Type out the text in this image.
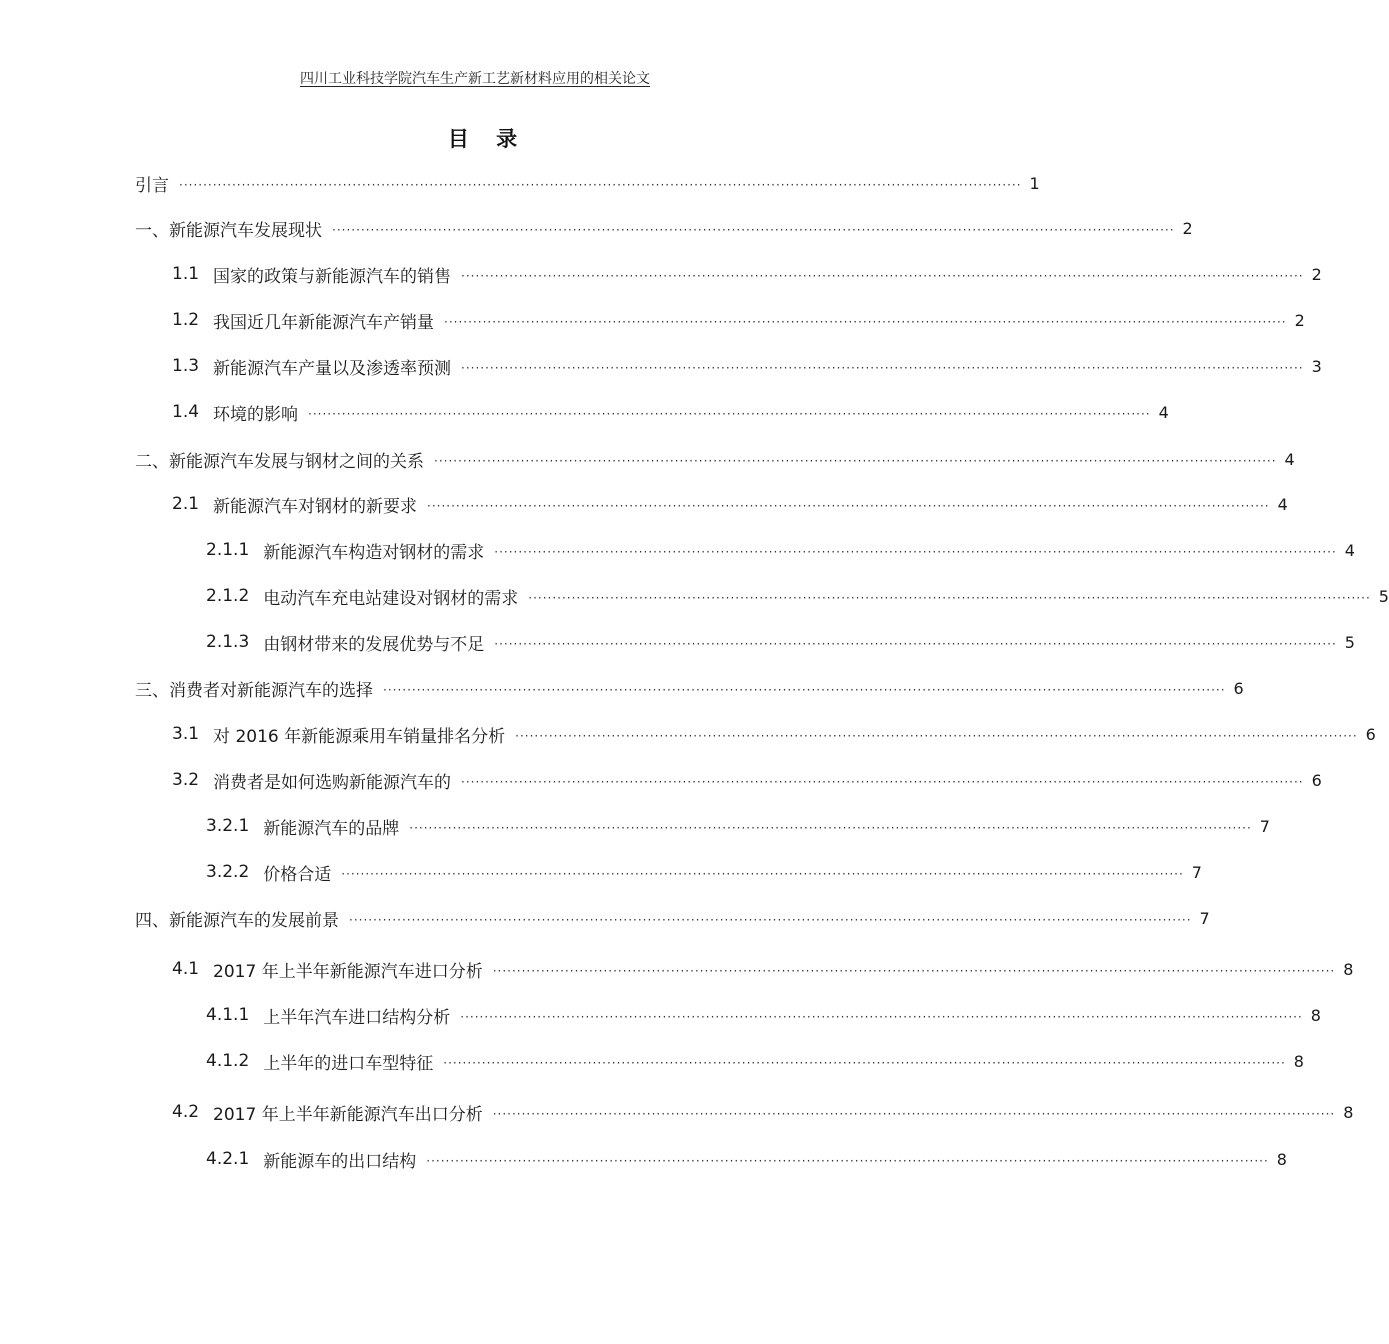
四川工业科技学院汽车生产新工艺新材料应用的相关论文
目 录
引言 ··············································································································································································· 1
一、 新能源汽车发展现状 ··············································································································································································· 2
1.1 国家的政策与新能源汽车的销售 ··············································································································································································· 2
1.2 我国近几年新能源汽车产销量 ··············································································································································································· 2
1.3 新能源汽车产量以及渗透率预测 ··············································································································································································· 3
1.4 环境的影响 ··············································································································································································· 4
二、 新能源汽车发展与钢材之间的关系 ··············································································································································································· 4
2.1 新能源汽车对钢材的新要求 ··············································································································································································· 4
2.1.1 新能源汽车构造对钢材的需求 ··············································································································································································· 4
2.1.2 电动汽车充电站建设对钢材的需求 ··············································································································································································· 5
2.1.3 由钢材带来的发展优势与不足 ··············································································································································································· 5
三、 消费者对新能源汽车的选择 ··············································································································································································· 6
3.1 对 2016 年新能源乘用车销量排名分析 ··············································································································································································· 6
3.2 消费者是如何选购新能源汽车的 ··············································································································································································· 6
3.2.1 新能源汽车的品牌 ··············································································································································································· 7
3.2.2 价格合适 ··············································································································································································· 7
四、 新能源汽车的发展前景 ··············································································································································································· 7
4.1 2017 年上半年新能源汽车进口分析 ··············································································································································································· 8
4.1.1 上半年汽车进口结构分析 ··············································································································································································· 8
4.1.2 上半年的进口车型特征 ··············································································································································································· 8
4.2 2017 年上半年新能源汽车出口分析 ··············································································································································································· 8
4.2.1 新能源车的出口结构 ··············································································································································································· 8
